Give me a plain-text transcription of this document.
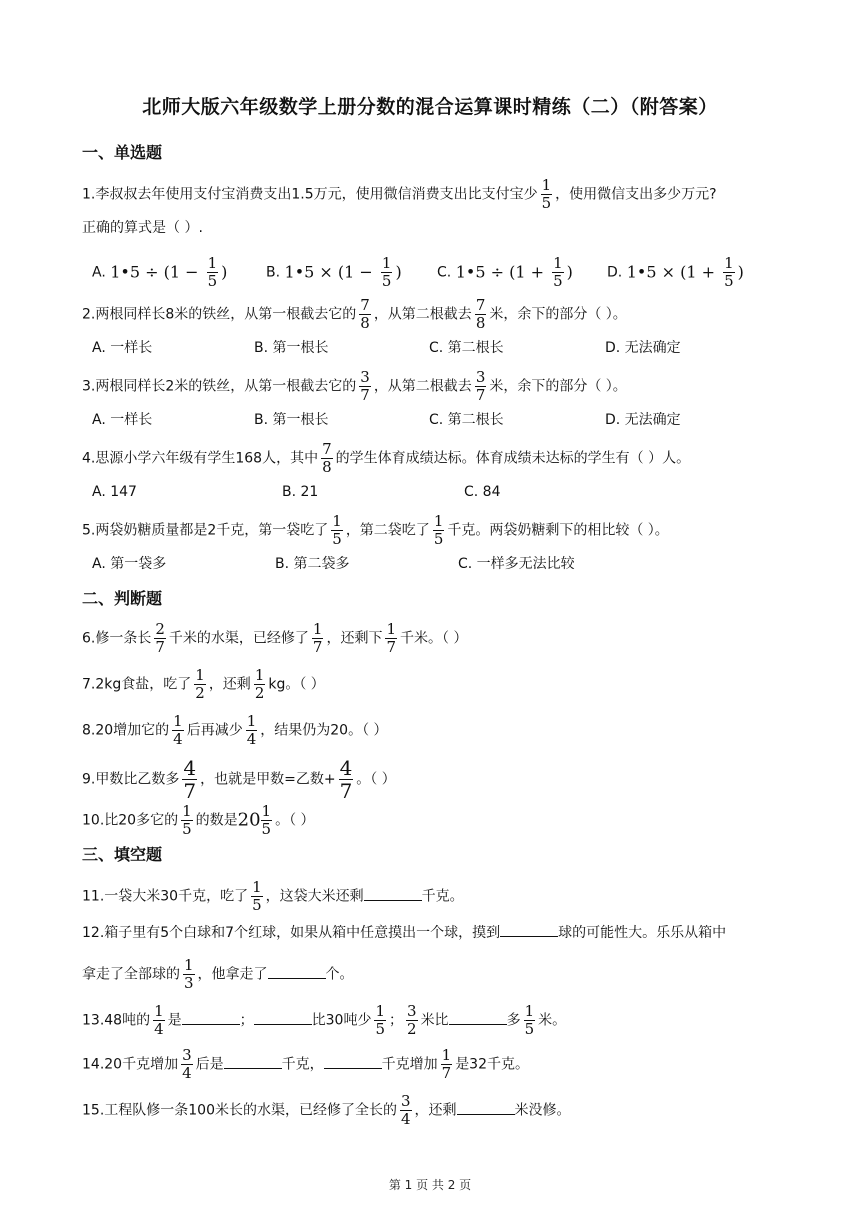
北师大版六年级数学上册分数的混合运算课时精练（二）（附答案）
一、单选题
1.李叔叔去年使用支付宝消费支出1.5万元，使用微信消费支出比支付宝少 $\frac{1}{5}$ ，使用微信支出多少万元?
正确的算式是（ ）.
A. 1•5 ÷ ($1 - \frac{1}{5}$ )	B. 1•5 × ($1 - \frac{1}{5}$ )	C. 1•5 ÷ ($1 + \frac{1}{5}$ ) D. 1•5 × ($1 + \frac{1}{5}$ )
2.两根同样长8米的铁丝，从第一根截去它的 $\frac{7}{8}$ ，从第二根截去 $\frac{7}{8}$ 米，余下的部分（ ）。
A. 一样长	B. 第一根长	C. 第二根长	D. 无法确定
3.两根同样长2米的铁丝，从第一根截去它的 $\frac{3}{7}$ ，从第二根截去 $\frac{3}{7}$ 米，余下的部分（ ）。
A. 一样长	B. 第一根长	C. 第二根长	D. 无法确定
4.思源小学六年级有学生168人，其中 $\frac{7}{8}$ 的学生体育成绩达标。体育成绩未达标的学生有（ ）人。
A. 147	B. 21	C. 84
5.两袋奶糖质量都是2千克，第一袋吃了 $\frac{1}{5}$ ，第二袋吃了 $\frac{1}{5}$ 千克。两袋奶糖剩下的相比较（ ）。
A. 第一袋多	B. 第二袋多	C. 一样多无法比较
二、判断题
6.修一条长 $\frac{2}{7}$ 千米的水渠，已经修了 $\frac{1}{7}$ ，还剩下 $\frac{1}{7}$ 千米。（ ）
7.2kg食盐，吃了 $\frac{1}{2}$ ，还剩 $\frac{1}{2}$ kg。（ ）
8.20增加它的 $\frac{1}{4}$ 后再减少 $\frac{1}{4}$ ，结果仍为20。（ ）
9.甲数比乙数多 $\frac{4}{7}$ ，也就是甲数=乙数+ $\frac{4}{7}$ 。（ ）
10.比20多它的 $\frac{1}{5}$ 的数是$20 \frac{1}{5}$ 。（ ）
三、填空题
11.一袋大米30千克，吃了 $\frac{1}{5}$ ，这袋大米还剩	千克。
12.箱子里有5个白球和7个红球，如果从箱中任意摸出一个球，摸到	球的可能性大。乐乐从箱中
拿走了全部球的 $\frac{1}{3}$ ，他拿走了	个。
13.48吨的 $\frac{1}{4}$ 是	；	比30吨少 $\frac{1}{5}$ ； $\frac{3}{2}$ 米比	多 $\frac{1}{5}$ 米。
14.20千克增加 $\frac{3}{4}$ 后是	千克，	千克增加 $\frac{1}{7}$ 是32千克。
15.工程队修一条100米长的水渠，已经修了全长的 $\frac{3}{4}$ ，还剩	米没修。
第 1 页 共 2 页
